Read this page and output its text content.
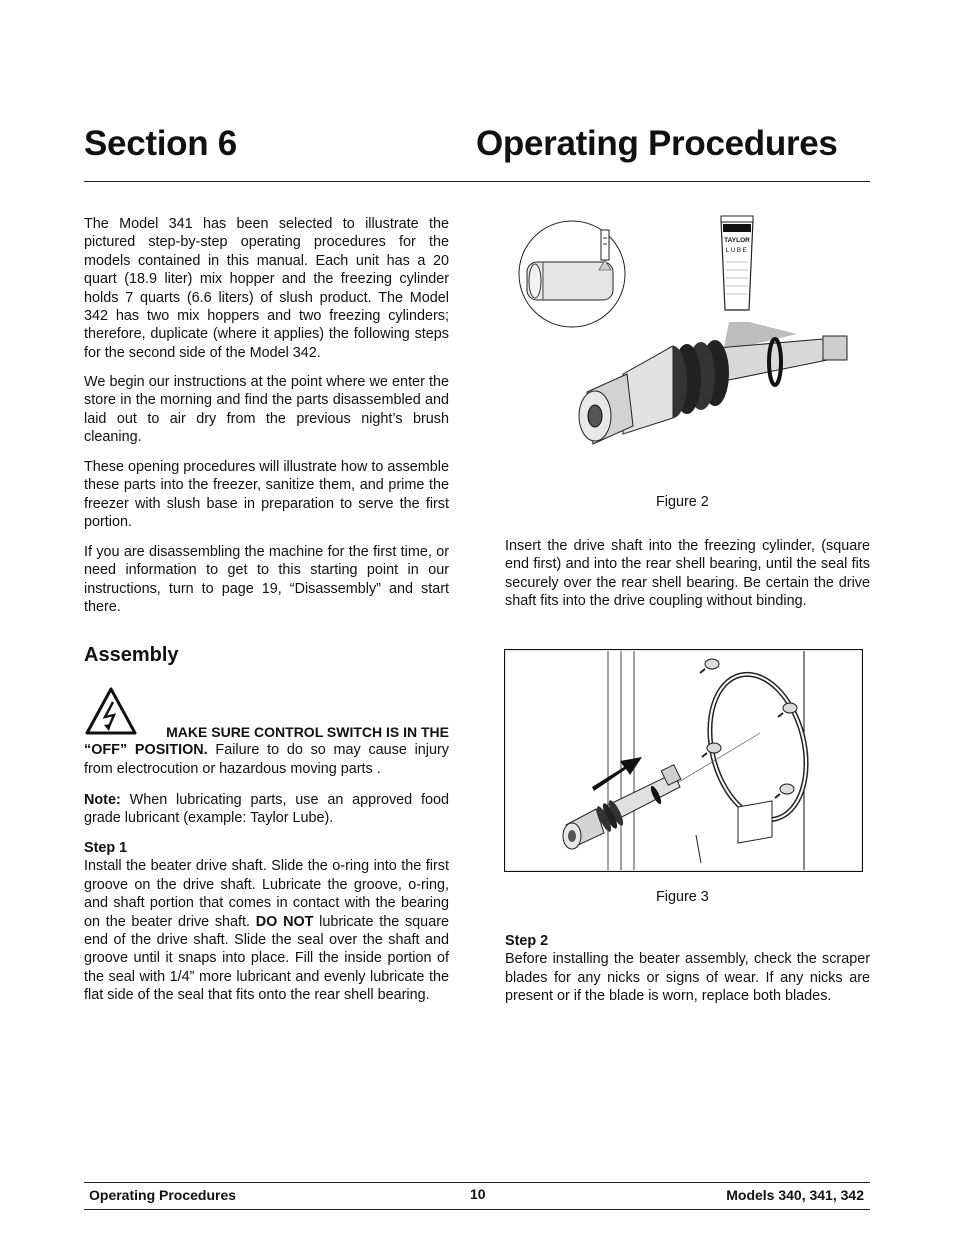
Section 6	Operating Procedures

The Model 341 has been selected to illustrate the pictured step-by-step operating procedures for the models contained in this manual. Each unit has a 20 quart (18.9 liter) mix hopper and the freezing cylinder holds 7 quarts (6.6 liters) of slush product. The Model 342 has two mix hoppers and two freezing cylinders; therefore, duplicate (where it applies) the following steps for the second side of the Model 342.

We begin our instructions at the point where we enter the store in the morning and find the parts disassembled and laid out to air dry from the previous night’s brush cleaning.

These opening procedures will illustrate how to assemble these parts into the freezer, sanitize them, and prime the freezer with slush base in preparation to serve the first portion.

If you are disassembling the machine for the first time, or need information to get to this starting point in our instructions, turn to page 19, “Disassembly” and start there.

Assembly

MAKE SURE CONTROL SWITCH IS IN THE
“OFF” POSITION. Failure to do so may cause injury from electrocution or hazardous moving parts .

Note: When lubricating parts, use an approved food grade lubricant (example: Taylor Lube).

Step 1
Install the beater drive shaft. Slide the o-ring into the first groove on the drive shaft. Lubricate the groove, o-ring, and shaft portion that comes in contact with the bearing on the beater drive shaft. DO NOT lubricate the square end of the drive shaft. Slide the seal over the shaft and groove until it snaps into place. Fill the inside portion of the seal with 1/4” more lubricant and evenly lubricate the flat side of the seal that fits onto the rear shell bearing.

TAYLOR
LUBE
Figure 2

Insert the drive shaft into the freezing cylinder, (square end first) and into the rear shell bearing, until the seal fits securely over the rear shell bearing. Be certain the drive shaft fits into the drive coupling without binding.

Figure 3

Step 2
Before installing the beater assembly, check the scraper blades for any nicks or signs of wear. If any nicks are present or if the blade is worn, replace both blades.

Operating Procedures	10	Models 340, 341, 342
